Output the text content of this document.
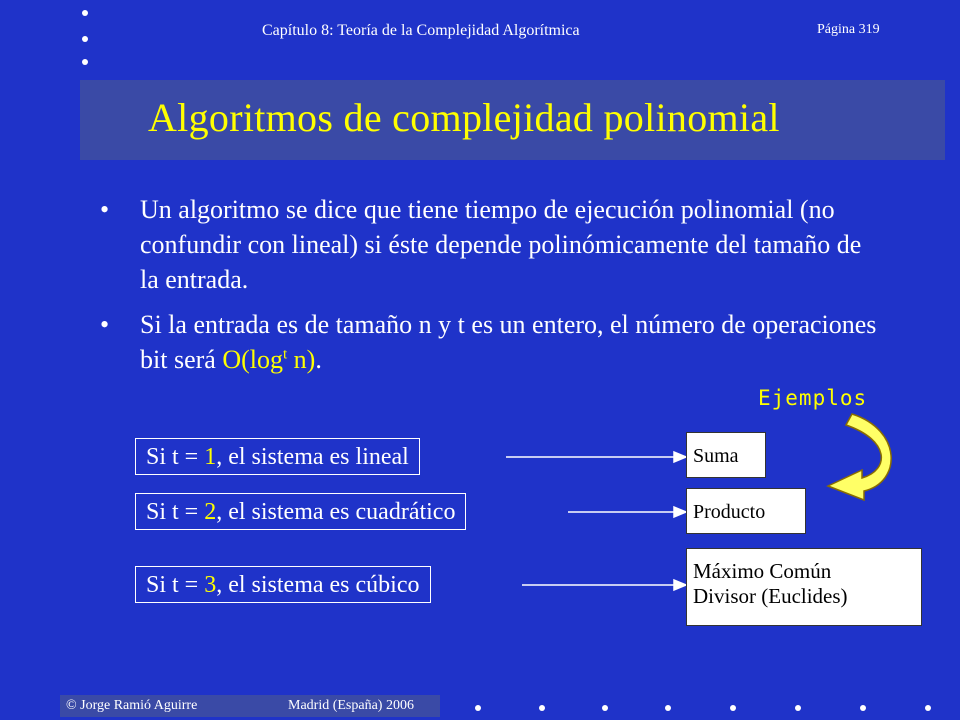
Capítulo 8: Teoría de la Complejidad Algorítmica	Página 319
Algoritmos de complejidad polinomial
• Un algoritmo se dice que tiene tiempo de ejecución polinomial (no confundir con lineal) si éste depende polinómicamente del tamaño de la entrada.
• Si la entrada es de tamaño n y t es un entero, el número de operaciones bit será $O(\log^t$ n).
Ejemplos
Si t = 1, el sistema es lineal
Si t = 2, el sistema es cuadrático
Si t = 3, el sistema es cúbico
Suma
Producto
Máximo Común
Divisor (Euclides)
© Jorge Ramió Aguirre	Madrid (España) 2006
